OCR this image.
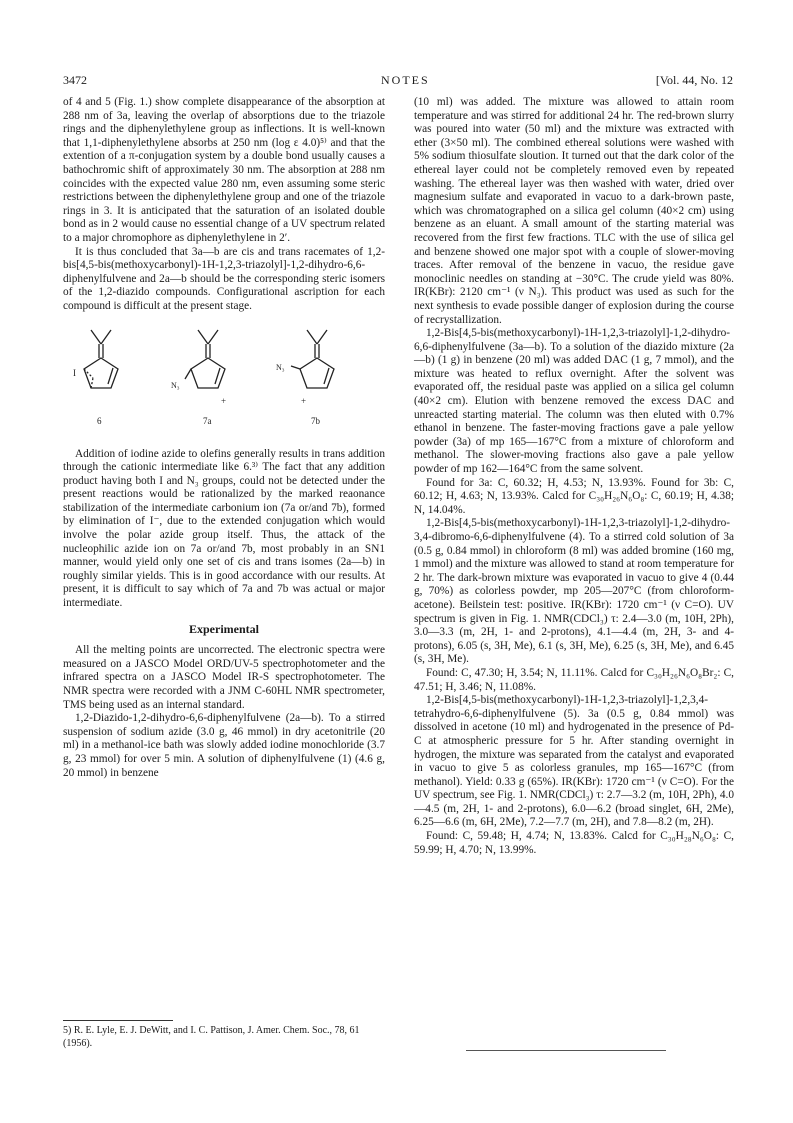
3472	NOTES	[Vol. 44, No. 12

of 4 and 5 (Fig. 1.) show complete disappearance of the absorption at 288 nm of 3a, leaving the overlap of absorptions due to the triazole rings and the diphenylethylene group as inflections. It is well-known that 1,1-diphenylethylene absorbs at 250 nm (log ε 4.0)⁵⁾ and that the extention of a π-conjugation system by a double bond usually causes a bathochromic shift of approximately 30 nm. The absorption at 288 nm coincides with the expected value 280 nm, even assuming some steric restrictions between the diphenylethylene group and one of the triazole rings in 3. It is anticipated that the saturation of an isolated double bond as in 2 would cause no essential change of a UV spectrum related to a major chromophore as diphenylethylene in 2′.

It is thus concluded that 3a—b are cis and trans racemates of 1,2-bis[4,5-bis(methoxycarbonyl)-1H-1,2,3-triazolyl]-1,2-dihydro-6,6-diphenylfulvene and 2a—b should be the corresponding steric isomers of the 1,2-diazido compounds. Configurational ascription for each compound is difficult at the present stage.

I
6
N₃
+
7a
N₃
+
7b

Addition of iodine azide to olefins generally results in trans addition through the cationic intermediate like 6.³⁾ The fact that any addition product having both I and N₃ groups, could not be detected under the present reactions would be rationalized by the marked reaonance stabilization of the intermediate carbonium ion (7a or/and 7b), formed by elimination of I⁻, due to the extended conjugation which would involve the polar azide group itself. Thus, the attack of the nucleophilic azide ion on 7a or/and 7b, most probably in an SN1 manner, would yield only one set of cis and trans isomes (2a—b) in roughly similar yields. This is in good accordance with our results. At present, it is difficult to say which of 7a and 7b was actual or major intermediate.

Experimental

All the melting points are uncorrected. The electronic spectra were measured on a JASCO Model ORD/UV-5 spectrophotometer and the infrared spectra on a JASCO Model IR-S spectrophotometer. The NMR spectra were recorded with a JNM C-60HL NMR spectrometer, TMS being used as an internal standard.

1,2-Diazido-1,2-dihydro-6,6-diphenylfulvene (2a—b). To a stirred suspension of sodium azide (3.0 g, 46 mmol) in dry acetonitrile (20 ml) in a methanol-ice bath was slowly added iodine monochloride (3.7 g, 23 mmol) for over 5 min. A solution of diphenylfulvene (1) (4.6 g, 20 mmol) in benzene

5) R. E. Lyle, E. J. DeWitt, and I. C. Pattison, J. Amer. Chem. Soc., 78, 61 (1956).

(10 ml) was added. The mixture was allowed to attain room temperature and was stirred for additional 24 hr. The red-brown slurry was poured into water (50 ml) and the mixture was extracted with ether (3×50 ml). The combined ethereal solutions were washed with 5% sodium thiosulfate sloution. It turned out that the dark color of the ethereal layer could not be completely removed even by repeated washing. The ethereal layer was then washed with water, dried over magnesium sulfate and evaporated in vacuo to a dark-brown paste, which was chromatographed on a silica gel column (40×2 cm) using benzene as an eluant. A small amount of the starting material was recovered from the first few fractions. TLC with the use of silica gel and benzene showed one major spot with a couple of slower-moving traces. After removal of the benzene in vacuo, the residue gave monoclinic needles on standing at −30°C. The crude yield was 80%. IR(KBr): 2120 cm⁻¹ (ν N₃). This product was used as such for the next synthesis to evade possible danger of explosion during the course of recrystallization.

1,2-Bis[4,5-bis(methoxycarbonyl)-1H-1,2,3-triazolyl]-1,2-dihydro-6,6-diphenylfulvene (3a—b). To a solution of the diazido mixture (2a—b) (1 g) in benzene (20 ml) was added DAC (1 g, 7 mmol), and the mixture was heated to reflux overnight. After the solvent was evaporated off, the residual paste was applied on a silica gel column (40×2 cm). Elution with benzene removed the excess DAC and unreacted starting material. The column was then eluted with 0.7% ethanol in benzene. The faster-moving fractions gave a pale yellow powder (3a) of mp 165—167°C from a mixture of chloroform and methanol. The slower-moving fractions also gave a pale yellow powder of mp 162—164°C from the same solvent.

Found for 3a: C, 60.32; H, 4.53; N, 13.93%. Found for 3b: C, 60.12; H, 4.63; N, 13.93%. Calcd for C₃₀H₂₆N₆O₈: C, 60.19; H, 4.38; N, 14.04%.

1,2-Bis[4,5-bis(methoxycarbonyl)-1H-1,2,3-triazolyl]-1,2-dihydro-3,4-dibromo-6,6-diphenylfulvene (4). To a stirred cold solution of 3a (0.5 g, 0.84 mmol) in chloroform (8 ml) was added bromine (160 mg, 1 mmol) and the mixture was allowed to stand at room temperature for 2 hr. The dark-brown mixture was evaporated in vacuo to give 4 (0.44 g, 70%) as colorless powder, mp 205—207°C (from chloroform-acetone). Beilstein test: positive. IR(KBr): 1720 cm⁻¹ (ν C=O). UV spectrum is given in Fig. 1. NMR(CDCl₃) τ: 2.4—3.0 (m, 10H, 2Ph), 3.0—3.3 (m, 2H, 1- and 2-protons), 4.1—4.4 (m, 2H, 3- and 4-protons), 6.05 (s, 3H, Me), 6.1 (s, 3H, Me), 6.25 (s, 3H, Me), and 6.45 (s, 3H, Me).

Found: C, 47.30; H, 3.54; N, 11.11%. Calcd for C₃₀H₂₆N₆O₈Br₂: C, 47.51; H, 3.46; N, 11.08%.

1,2-Bis[4,5-bis(methoxycarbonyl)-1H-1,2,3-triazolyl]-1,2,3,4-tetrahydro-6,6-diphenylfulvene (5). 3a (0.5 g, 0.84 mmol) was dissolved in acetone (10 ml) and hydrogenated in the presence of Pd-C at atmospheric pressure for 5 hr. After standing overnight in hydrogen, the mixture was separated from the catalyst and evaporated in vacuo to give 5 as colorless granules, mp 165—167°C (from methanol). Yield: 0.33 g (65%). IR(KBr): 1720 cm⁻¹ (ν C=O). For the UV spectrum, see Fig. 1. NMR(CDCl₃) τ: 2.7—3.2 (m, 10H, 2Ph), 4.0—4.5 (m, 2H, 1- and 2-protons), 6.0—6.2 (broad singlet, 6H, 2Me), 6.25—6.6 (m, 6H, 2Me), 7.2—7.7 (m, 2H), and 7.8—8.2 (m, 2H).

Found: C, 59.48; H, 4.74; N, 13.83%. Calcd for C₃₀H₂₈N₆O₈: C, 59.99; H, 4.70; N, 13.99%.
